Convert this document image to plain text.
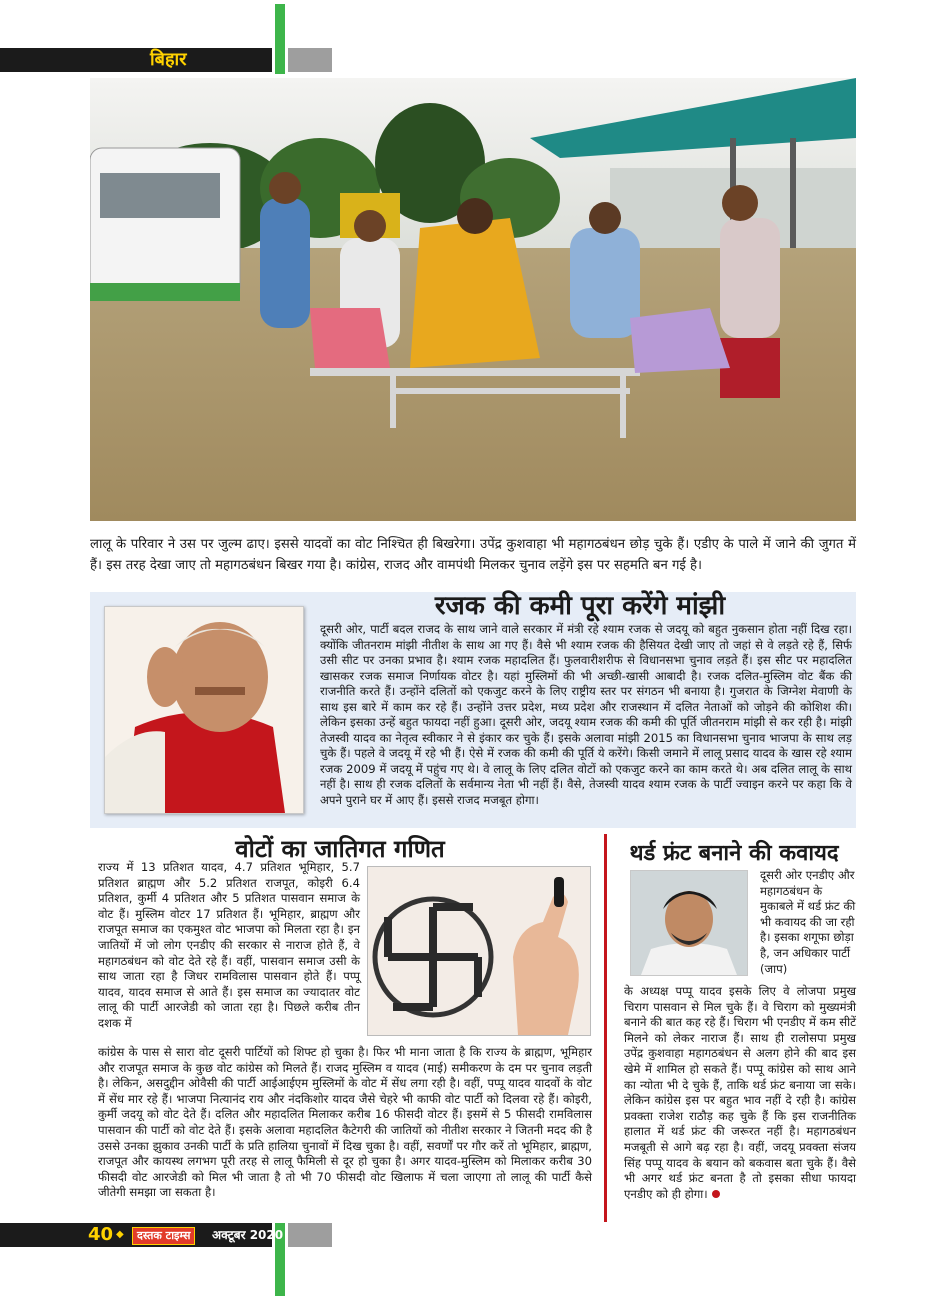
बिहार
लालू के परिवार ने उस पर जुल्म ढाए। इससे यादवों का वोट निश्चित ही बिखरेगा। उपेंद्र कुशवाहा भी महागठबंधन छोड़ चुके हैं। एडीए के पाले में जाने की जुगत में हैं। इस तरह देखा जाए तो महागठबंधन बिखर गया है। कांग्रेस, राजद और वामपंथी मिलकर चुनाव लड़ेंगे इस पर सहमति बन गई है।
रजक की कमी पूरा करेंगे मांझी
दूसरी ओर, पार्टी बदल राजद के साथ जाने वाले सरकार में मंत्री रहे श्याम रजक से जदयू को बहुत नुकसान होता नहीं दिख रहा। क्योंकि जीतनराम मांझी नीतीश के साथ आ गए हैं। वैसे भी श्याम रजक की हैसियत देखी जाए तो जहां से वे लड़ते रहे हैं, सिर्फ उसी सीट पर उनका प्रभाव है। श्याम रजक महादलित हैं। फुलवारीशरीफ से विधानसभा चुनाव लड़ते हैं। इस सीट पर महादलित खासकर रजक समाज निर्णायक वोटर है। यहां मुस्लिमों की भी अच्छी-खासी आबादी है। रजक दलित-मुस्लिम वोट बैंक की राजनीति करते हैं। उन्होंने दलितों को एकजुट करने के लिए राष्ट्रीय स्तर पर संगठन भी बनाया है। गुजरात के जिग्नेश मेवाणी के साथ इस बारे में काम कर रहे हैं। उन्होंने उत्तर प्रदेश, मध्य प्रदेश और राजस्थान में दलित नेताओं को जोड़ने की कोशिश की। लेकिन इसका उन्हें बहुत फायदा नहीं हुआ। दूसरी ओर, जदयू श्याम रजक की कमी की पूर्ति जीतनराम मांझी से कर रही है। मांझी तेजस्वी यादव का नेतृत्व स्वीकार ने से इंकार कर चुके हैं। इसके अलावा मांझी 2015 का विधानसभा चुनाव भाजपा के साथ लड़ चुके हैं। पहले वे जदयू में रहे भी हैं। ऐसे में रजक की कमी की पूर्ति ये करेंगे। किसी जमाने में लालू प्रसाद यादव के खास रहे श्याम रजक 2009 में जदयू में पहुंच गए थे। वे लालू के लिए दलित वोटों को एकजुट करने का काम करते थे। अब दलित लालू के साथ नहीं है। साथ ही रजक दलितों के सर्वमान्य नेता भी नहीं हैं। वैसे, तेजस्वी यादव श्याम रजक के पार्टी ज्वाइन करने पर कहा कि वे अपने पुराने घर में आए हैं। इससे राजद मजबूत होगा।
वोटों का जातिगत गणित
राज्य में 13 प्रतिशत यादव, 4.7 प्रतिशत भूमिहार, 5.7 प्रतिशत ब्राह्मण और 5.2 प्रतिशत राजपूत, कोइरी 6.4 प्रतिशत, कुर्मी 4 प्रतिशत और 5 प्रतिशत पासवान समाज के वोट हैं। मुस्लिम वोटर 17 प्रतिशत हैं। भूमिहार, ब्राह्मण और राजपूत समाज का एकमुश्त वोट भाजपा को मिलता रहा है। इन जातियों में जो लोग एनडीए की सरकार से नाराज होते हैं, वे महागठबंधन को वोट देते रहे हैं। वहीं, पासवान समाज उसी के साथ जाता रहा है जिधर रामविलास पासवान होते हैं। पप्पू यादव, यादव समाज से आते हैं। इस समाज का ज्यादातर वोट लालू की पार्टी आरजेडी को जाता रहा है। पिछले करीब तीन दशक में
कांग्रेस के पास से सारा वोट दूसरी पार्टियों को शिफ्ट हो चुका है। फिर भी माना जाता है कि राज्य के ब्राह्मण, भूमिहार और राजपूत समाज के कुछ वोट कांग्रेस को मिलते हैं। राजद मुस्लिम व यादव (माई) समीकरण के दम पर चुनाव लड़ती है। लेकिन, असदुद्दीन ओवैसी की पार्टी आईआईएम मुस्लिमों के वोट में सेंध लगा रही है। वहीं, पप्पू यादव यादवों के वोट में सेंध मार रहे हैं। भाजपा नित्यानंद राय और नंदकिशोर यादव जैसे चेहरे भी काफी वोट पार्टी को दिलवा रहे हैं। कोइरी, कुर्मी जदयू को वोट देते हैं। दलित और महादलित मिलाकर करीब 16 फीसदी वोटर हैं। इसमें से 5 फीसदी रामविलास पासवान की पार्टी को वोट देते हैं। इसके अलावा महादलित कैटेगरी की जातियों को नीतीश सरकार ने जितनी मदद की है उससे उनका झुकाव उनकी पार्टी के प्रति हालिया चुनावों में दिख चुका है। वहीं, सवर्णों पर गौर करें तो भूमिहार, ब्राह्मण, राजपूत और कायस्थ लगभग पूरी तरह से लालू फैमिली से दूर हो चुका है। अगर यादव-मुस्लिम को मिलाकर करीब 30 फीसदी वोट आरजेडी को मिल भी जाता है तो भी 70 फीसदी वोट खिलाफ में चला जाएगा तो लालू की पार्टी कैसे जीतेगी समझा जा सकता है।
थर्ड फ्रंट बनाने की कवायद
दूसरी ओर एनडीए और महागठबंधन के मुकाबले में थर्ड फ्रंट की भी कवायद की जा रही है। इसका शगूफा छोड़ा है, जन अधिकार पार्टी (जाप)
के अध्यक्ष पप्पू यादव इसके लिए वे लोजपा प्रमुख चिराग पासवान से मिल चुके हैं। वे चिराग को मुख्यमंत्री बनाने की बात कह रहे हैं। चिराग भी एनडीए में कम सीटें मिलने को लेकर नाराज हैं। साथ ही रालोसपा प्रमुख उपेंद्र कुशवाहा महागठबंधन से अलग होने की बाद इस खेमे में शामिल हो सकते हैं। पप्पू कांग्रेस को साथ आने का न्योता भी दे चुके हैं, ताकि थर्ड फ्रंट बनाया जा सके। लेकिन कांग्रेस इस पर बहुत भाव नहीं दे रही है। कांग्रेस प्रवक्ता राजेश राठौड़ कह चुके हैं कि इस राजनीतिक हालात में थर्ड फ्रंट की जरूरत नहीं है। महागठबंधन मजबूती से आगे बढ़ रहा है। वहीं, जदयू प्रवक्ता संजय सिंह पप्पू यादव के बयान को बकवास बता चुके हैं। वैसे भी अगर थर्ड फ्रंट बनता है तो इसका सीधा फायदा एनडीए को ही होगा।
40 ◆	दस्तक टाइम्स	अक्टूबर 2020
